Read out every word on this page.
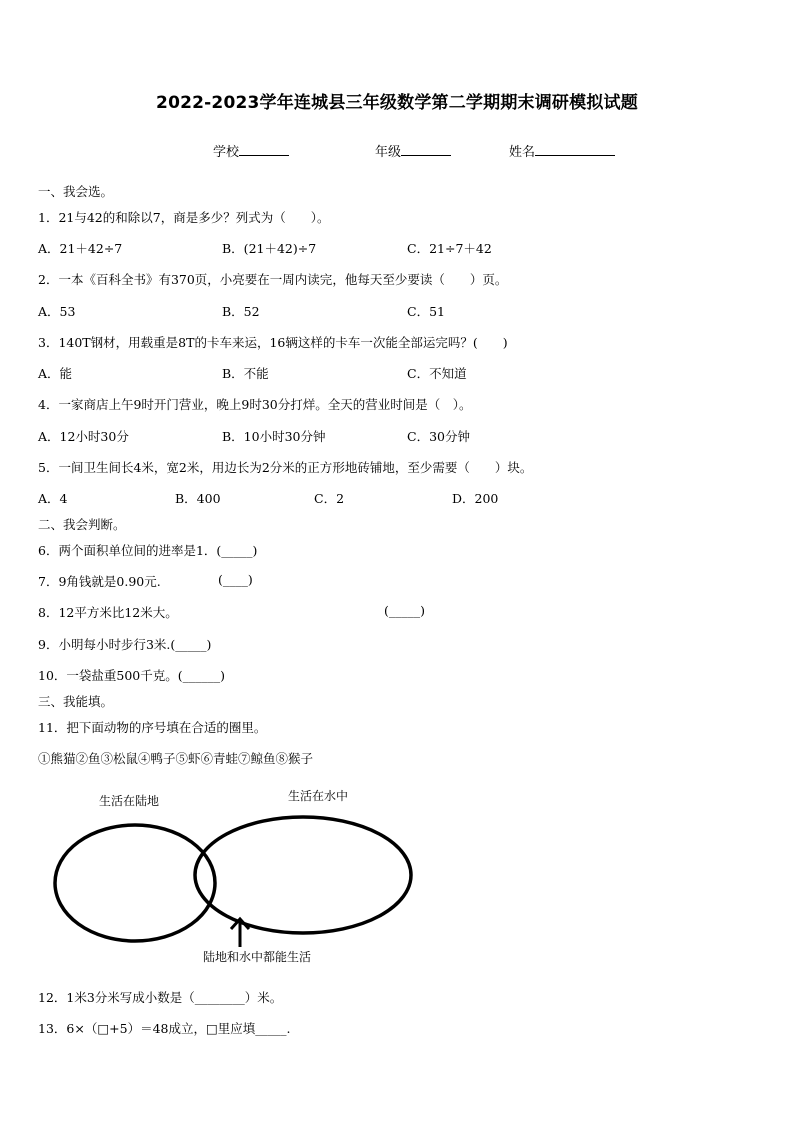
2022-2023学年连城县三年级数学第二学期期末调研模拟试题
学校	年级	姓名
一、我会选。
1．21与42的和除以7，商是多少？列式为（　　）。
A．21＋42÷7	B．(21＋42)÷7	C．21÷7＋42
2．一本《百科全书》有370页，小亮要在一周内读完，他每天至少要读（　　）页。
A．53	B．52	C．51
3．140T钢材，用载重是8T的卡车来运，16辆这样的卡车一次能全部运完吗？(　　)
A．能	B．不能	C．不知道
4．一家商店上午9时开门营业，晚上9时30分打烊。全天的营业时间是（　）。
A．12小时30分	B．10小时30分钟	C．30分钟
5．一间卫生间长4米，宽2米，用边长为2分米的正方形地砖铺地，至少需要（　　）块。
A．4	B．400	C．2	D．200
二、我会判断。
6．两个面积单位间的进率是1．(_____)
7．9角钱就是0.90元.	(____)
8．12平方米比12米大。	(_____)
9．小明每小时步行3米.(_____)
10．一袋盐重500千克。(______)
三、我能填。
11．把下面动物的序号填在合适的圈里。
①熊猫②鱼③松鼠④鸭子⑤虾⑥青蛙⑦鲸鱼⑧猴子
生活在陆地	生活在水中
陆地和水中都能生活
12．1米3分米写成小数是（________）米。
13．6×（□+5）＝48成立，□里应填_____.
